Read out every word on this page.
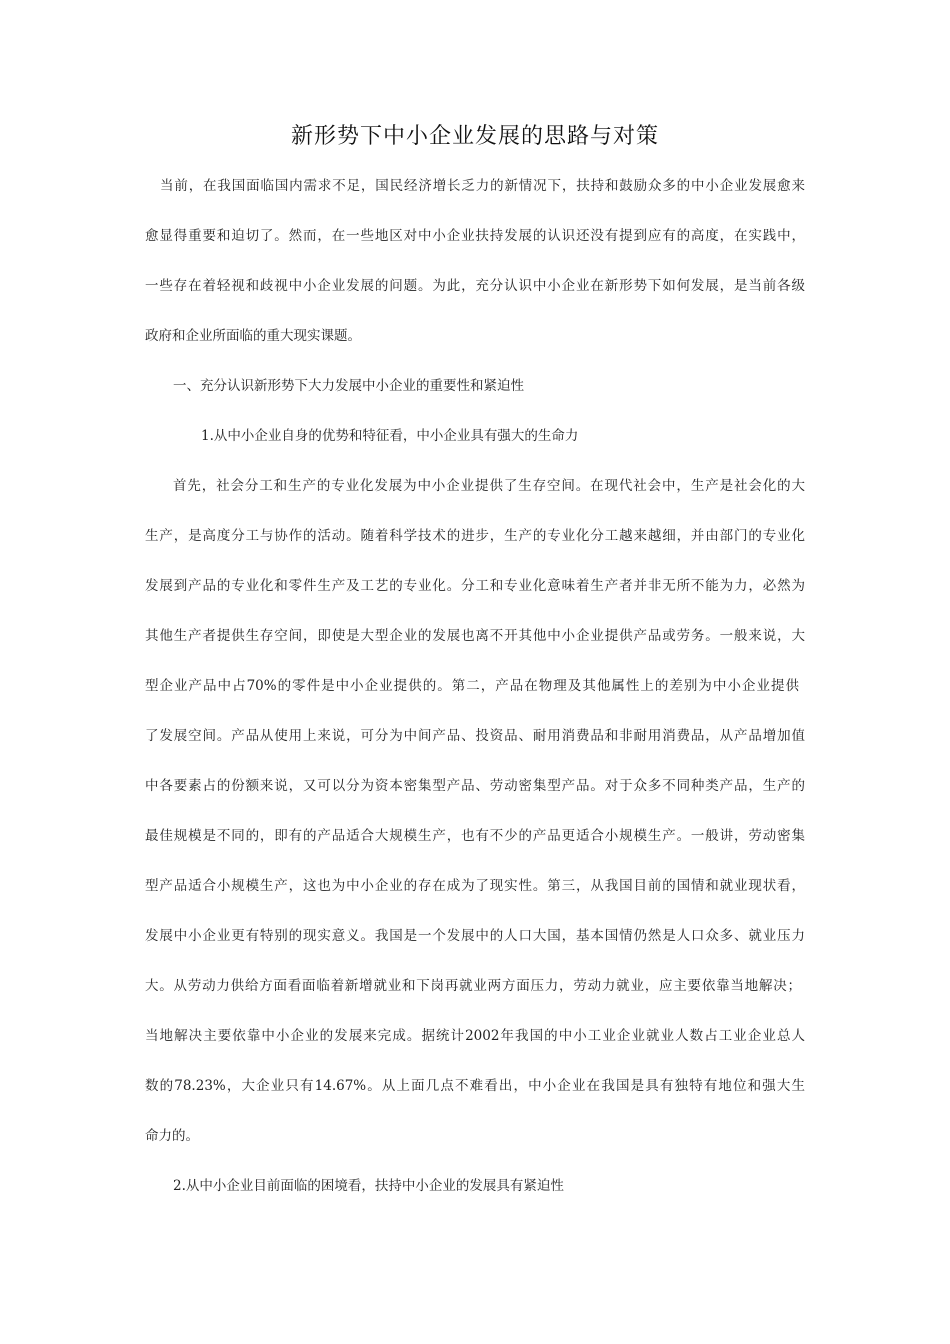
新形势下中小企业发展的思路与对策
当前，在我国面临国内需求不足，国民经济增长乏力的新情况下，扶持和鼓励众多的中小企业发展愈来
愈显得重要和迫切了。然而，在一些地区对中小企业扶持发展的认识还没有提到应有的高度，在实践中，
一些存在着轻视和歧视中小企业发展的问题。为此，充分认识中小企业在新形势下如何发展，是当前各级
政府和企业所面临的重大现实课题。
一、充分认识新形势下大力发展中小企业的重要性和紧迫性
1.从中小企业自身的优势和特征看，中小企业具有强大的生命力
首先，社会分工和生产的专业化发展为中小企业提供了生存空间。在现代社会中，生产是社会化的大
生产，是高度分工与协作的活动。随着科学技术的进步，生产的专业化分工越来越细，并由部门的专业化
发展到产品的专业化和零件生产及工艺的专业化。分工和专业化意味着生产者并非无所不能为力，必然为
其他生产者提供生存空间，即使是大型企业的发展也离不开其他中小企业提供产品或劳务。一般来说，大
型企业产品中占70%的零件是中小企业提供的。第二，产品在物理及其他属性上的差别为中小企业提供
了发展空间。产品从使用上来说，可分为中间产品、投资品、耐用消费品和非耐用消费品，从产品增加值
中各要素占的份额来说，又可以分为资本密集型产品、劳动密集型产品。对于众多不同种类产品，生产的
最佳规模是不同的，即有的产品适合大规模生产，也有不少的产品更适合小规模生产。一般讲，劳动密集
型产品适合小规模生产，这也为中小企业的存在成为了现实性。第三，从我国目前的国情和就业现状看，
发展中小企业更有特别的现实意义。我国是一个发展中的人口大国，基本国情仍然是人口众多、就业压力
大。从劳动力供给方面看面临着新增就业和下岗再就业两方面压力，劳动力就业，应主要依靠当地解决；
当地解决主要依靠中小企业的发展来完成。据统计2002年我国的中小工业企业就业人数占工业企业总人
数的78.23%，大企业只有14.67%。从上面几点不难看出，中小企业在我国是具有独特有地位和强大生
命力的。
2.从中小企业目前面临的困境看，扶持中小企业的发展具有紧迫性
